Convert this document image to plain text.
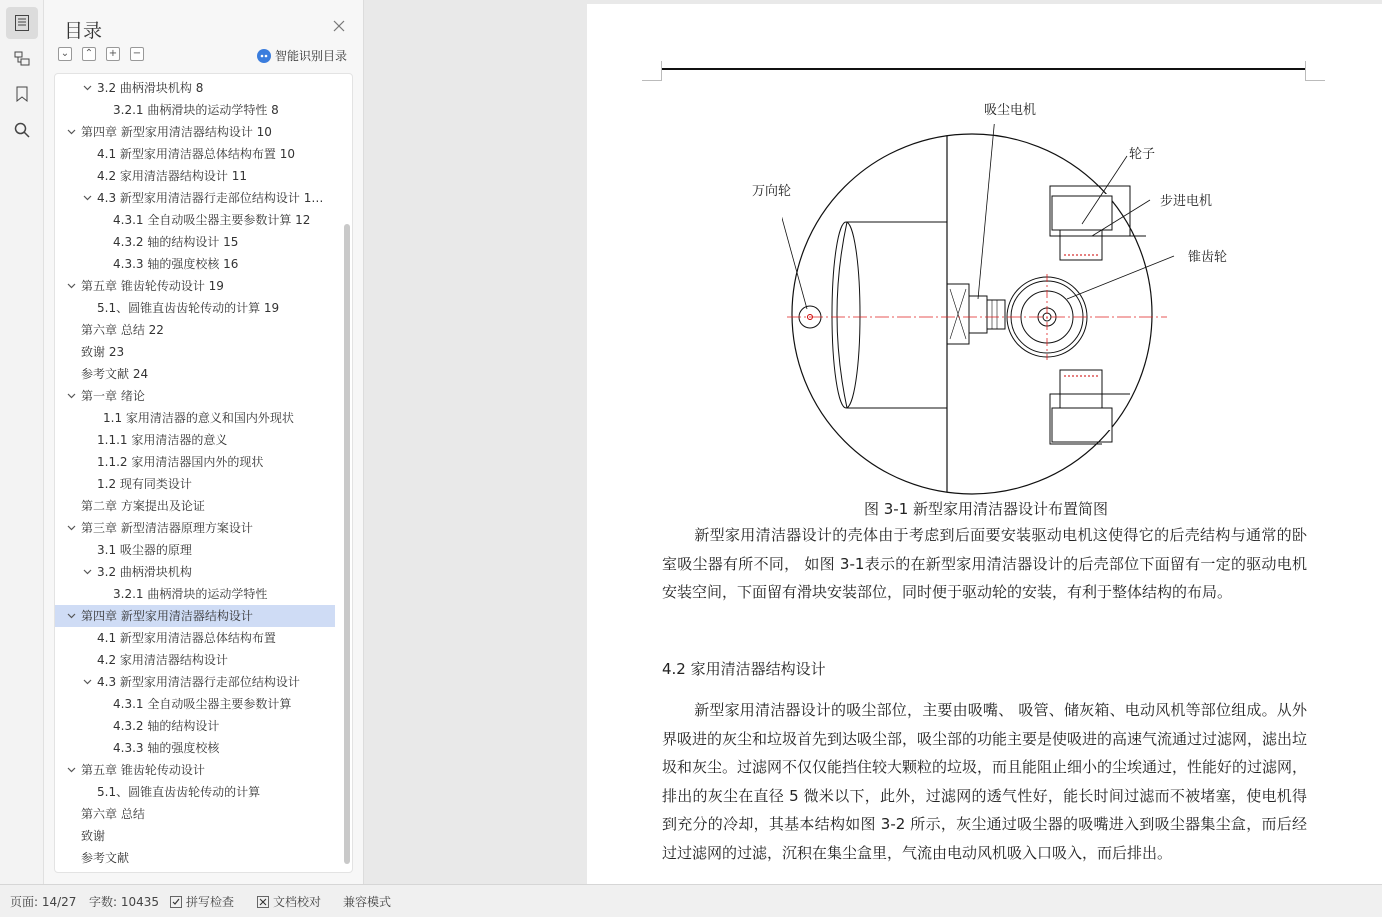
目录
⌄ ⌃ + −	智能识别目录
3.2 曲柄滑块机构 8
3.2.1 曲柄滑块的运动学特性 8
第四章 新型家用清洁器结构设计 10
4.1 新型家用清洁器总体结构布置 10
4.2 家用清洁器结构设计 11
4.3 新型家用清洁器行走部位结构设计 1…
4.3.1 全自动吸尘器主要参数计算 12
4.3.2 轴的结构设计 15
4.3.3 轴的强度校核 16
第五章 锥齿轮传动设计 19
5.1、圆锥直齿齿轮传动的计算 19
第六章 总结 22
致谢 23
参考文献 24
第一章 绪论
1.1 家用清洁器的意义和国内外现状
1.1.1 家用清洁器的意义
1.1.2 家用清洁器国内外的现状
1.2 现有同类设计
第二章 方案提出及论证
第三章 新型清洁器原理方案设计
3.1 吸尘器的原理
3.2 曲柄滑块机构
3.2.1 曲柄滑块的运动学特性
第四章 新型家用清洁器结构设计
4.1 新型家用清洁器总体结构布置
4.2 家用清洁器结构设计
4.3 新型家用清洁器行走部位结构设计
4.3.1 全自动吸尘器主要参数计算
4.3.2 轴的结构设计
4.3.3 轴的强度校核
第五章 锥齿轮传动设计
5.1、圆锥直齿齿轮传动的计算
第六章 总结
致谢
参考文献
吸尘电机
轮子
万向轮
步进电机
锥齿轮
图 3-1 新型家用清洁器设计布置简图
新型家用清洁器设计的壳体由于考虑到后面要安装驱动电机这使得它的后壳结构与通常的卧室吸尘器有所不同， 如图 3-1表示的在新型家用清洁器设计的后壳部位下面留有一定的驱动电机安装空间，下面留有滑块安装部位，同时便于驱动轮的安装，有利于整体结构的布局。
4.2 家用清洁器结构设计
新型家用清洁器设计的吸尘部位，主要由吸嘴、 吸管、储灰箱、电动风机等部位组成。从外界吸进的灰尘和垃圾首先到达吸尘部，吸尘部的功能主要是使吸进的高速气流通过过滤网，滤出垃圾和灰尘。过滤网不仅仅能挡住较大颗粒的垃圾，而且能阻止细小的尘埃通过，性能好的过滤网，排出的灰尘在直径 5 微米以下，此外，过滤网的透气性好，能长时间过滤而不被堵塞，使电机得到充分的冷却，其基本结构如图 3-2 所示，灰尘通过吸尘器的吸嘴进入到吸尘器集尘盒，而后经过过滤网的过滤，沉积在集尘盒里，气流由电动风机吸入口吸入，而后排出。
页面: 14/27 字数: 10435 拼写检查	文档校对 兼容模式
